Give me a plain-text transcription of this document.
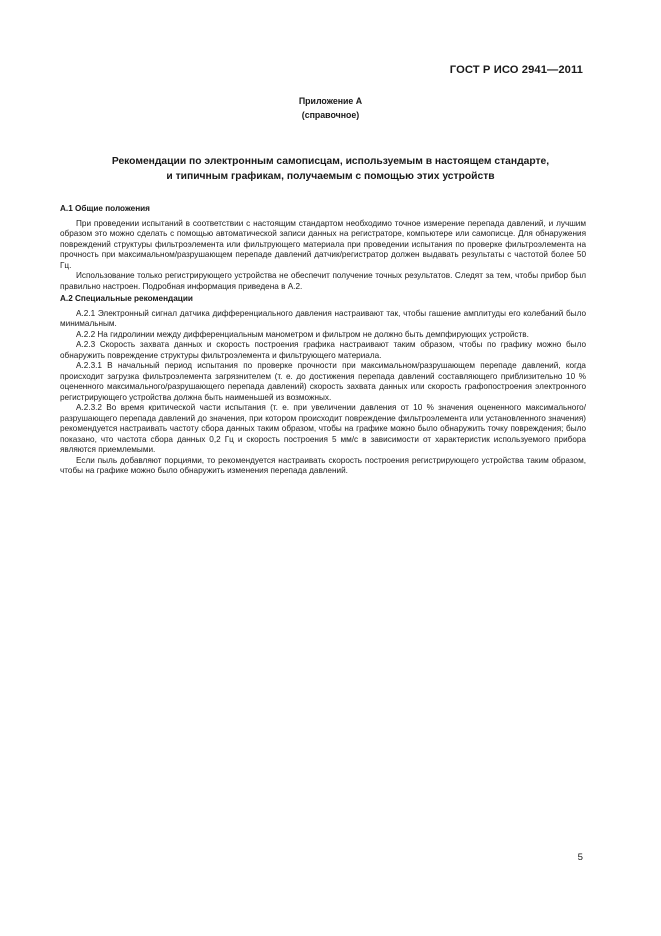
ГОСТ Р ИСО 2941—2011
Приложение А
(справочное)
Рекомендации по электронным самописцам, используемым в настоящем стандарте,
и типичным графикам, получаемым с помощью этих устройств

А.1 Общие положения

При проведении испытаний в соответствии с настоящим стандартом необходимо точное измерение перепада давлений, и лучшим образом это можно сделать с помощью автоматической записи данных на регистраторе, компьютере или самописце. Для обнаружения повреждений структуры фильтроэлемента или фильтрующего материала при проведении испытания по проверке фильтроэлемента на прочность при максимальном/разрушающем перепаде давлений датчик/регистратор должен выдавать результаты с частотой более 50 Гц.

Использование только регистрирующего устройства не обеспечит получение точных результатов. Следят за тем, чтобы прибор был правильно настроен. Подробная информация приведена в А.2.

А.2 Специальные рекомендации

А.2.1 Электронный сигнал датчика дифференциального давления настраивают так, чтобы гашение амплитуды его колебаний было минимальным.

А.2.2 На гидролинии между дифференциальным манометром и фильтром не должно быть демпфирующих устройств.

А.2.3 Скорость захвата данных и скорость построения графика настраивают таким образом, чтобы по графику можно было обнаружить повреждение структуры фильтроэлемента и фильтрующего материала.

А.2.3.1 В начальный период испытания по проверке прочности при максимальном/разрушающем перепаде давлений, когда происходит загрузка фильтроэлемента загрязнителем (т. е. до достижения перепада давлений составляющего приблизительно 10 % оцененного максимального/разрушающего перепада давлений) скорость захвата данных или скорость графопостроения электронного регистрирующего устройства должна быть наименьшей из возможных.

А.2.3.2 Во время критической части испытания (т. е. при увеличении давления от 10 % значения оцененного максимального/разрушающего перепада давлений до значения, при котором происходит повреждение фильтроэлемента или установленного значения) рекомендуется настраивать частоту сбора данных таким образом, чтобы на графике можно было обнаружить точку повреждения; было показано, что частота сбора данных 0,2 Гц и скорость построения 5 мм/с в зависимости от характеристик используемого прибора являются приемлемыми.

Если пыль добавляют порциями, то рекомендуется настраивать скорость построения регистрирующего устройства таким образом, чтобы на графике можно было обнаружить изменения перепада давлений.

5
